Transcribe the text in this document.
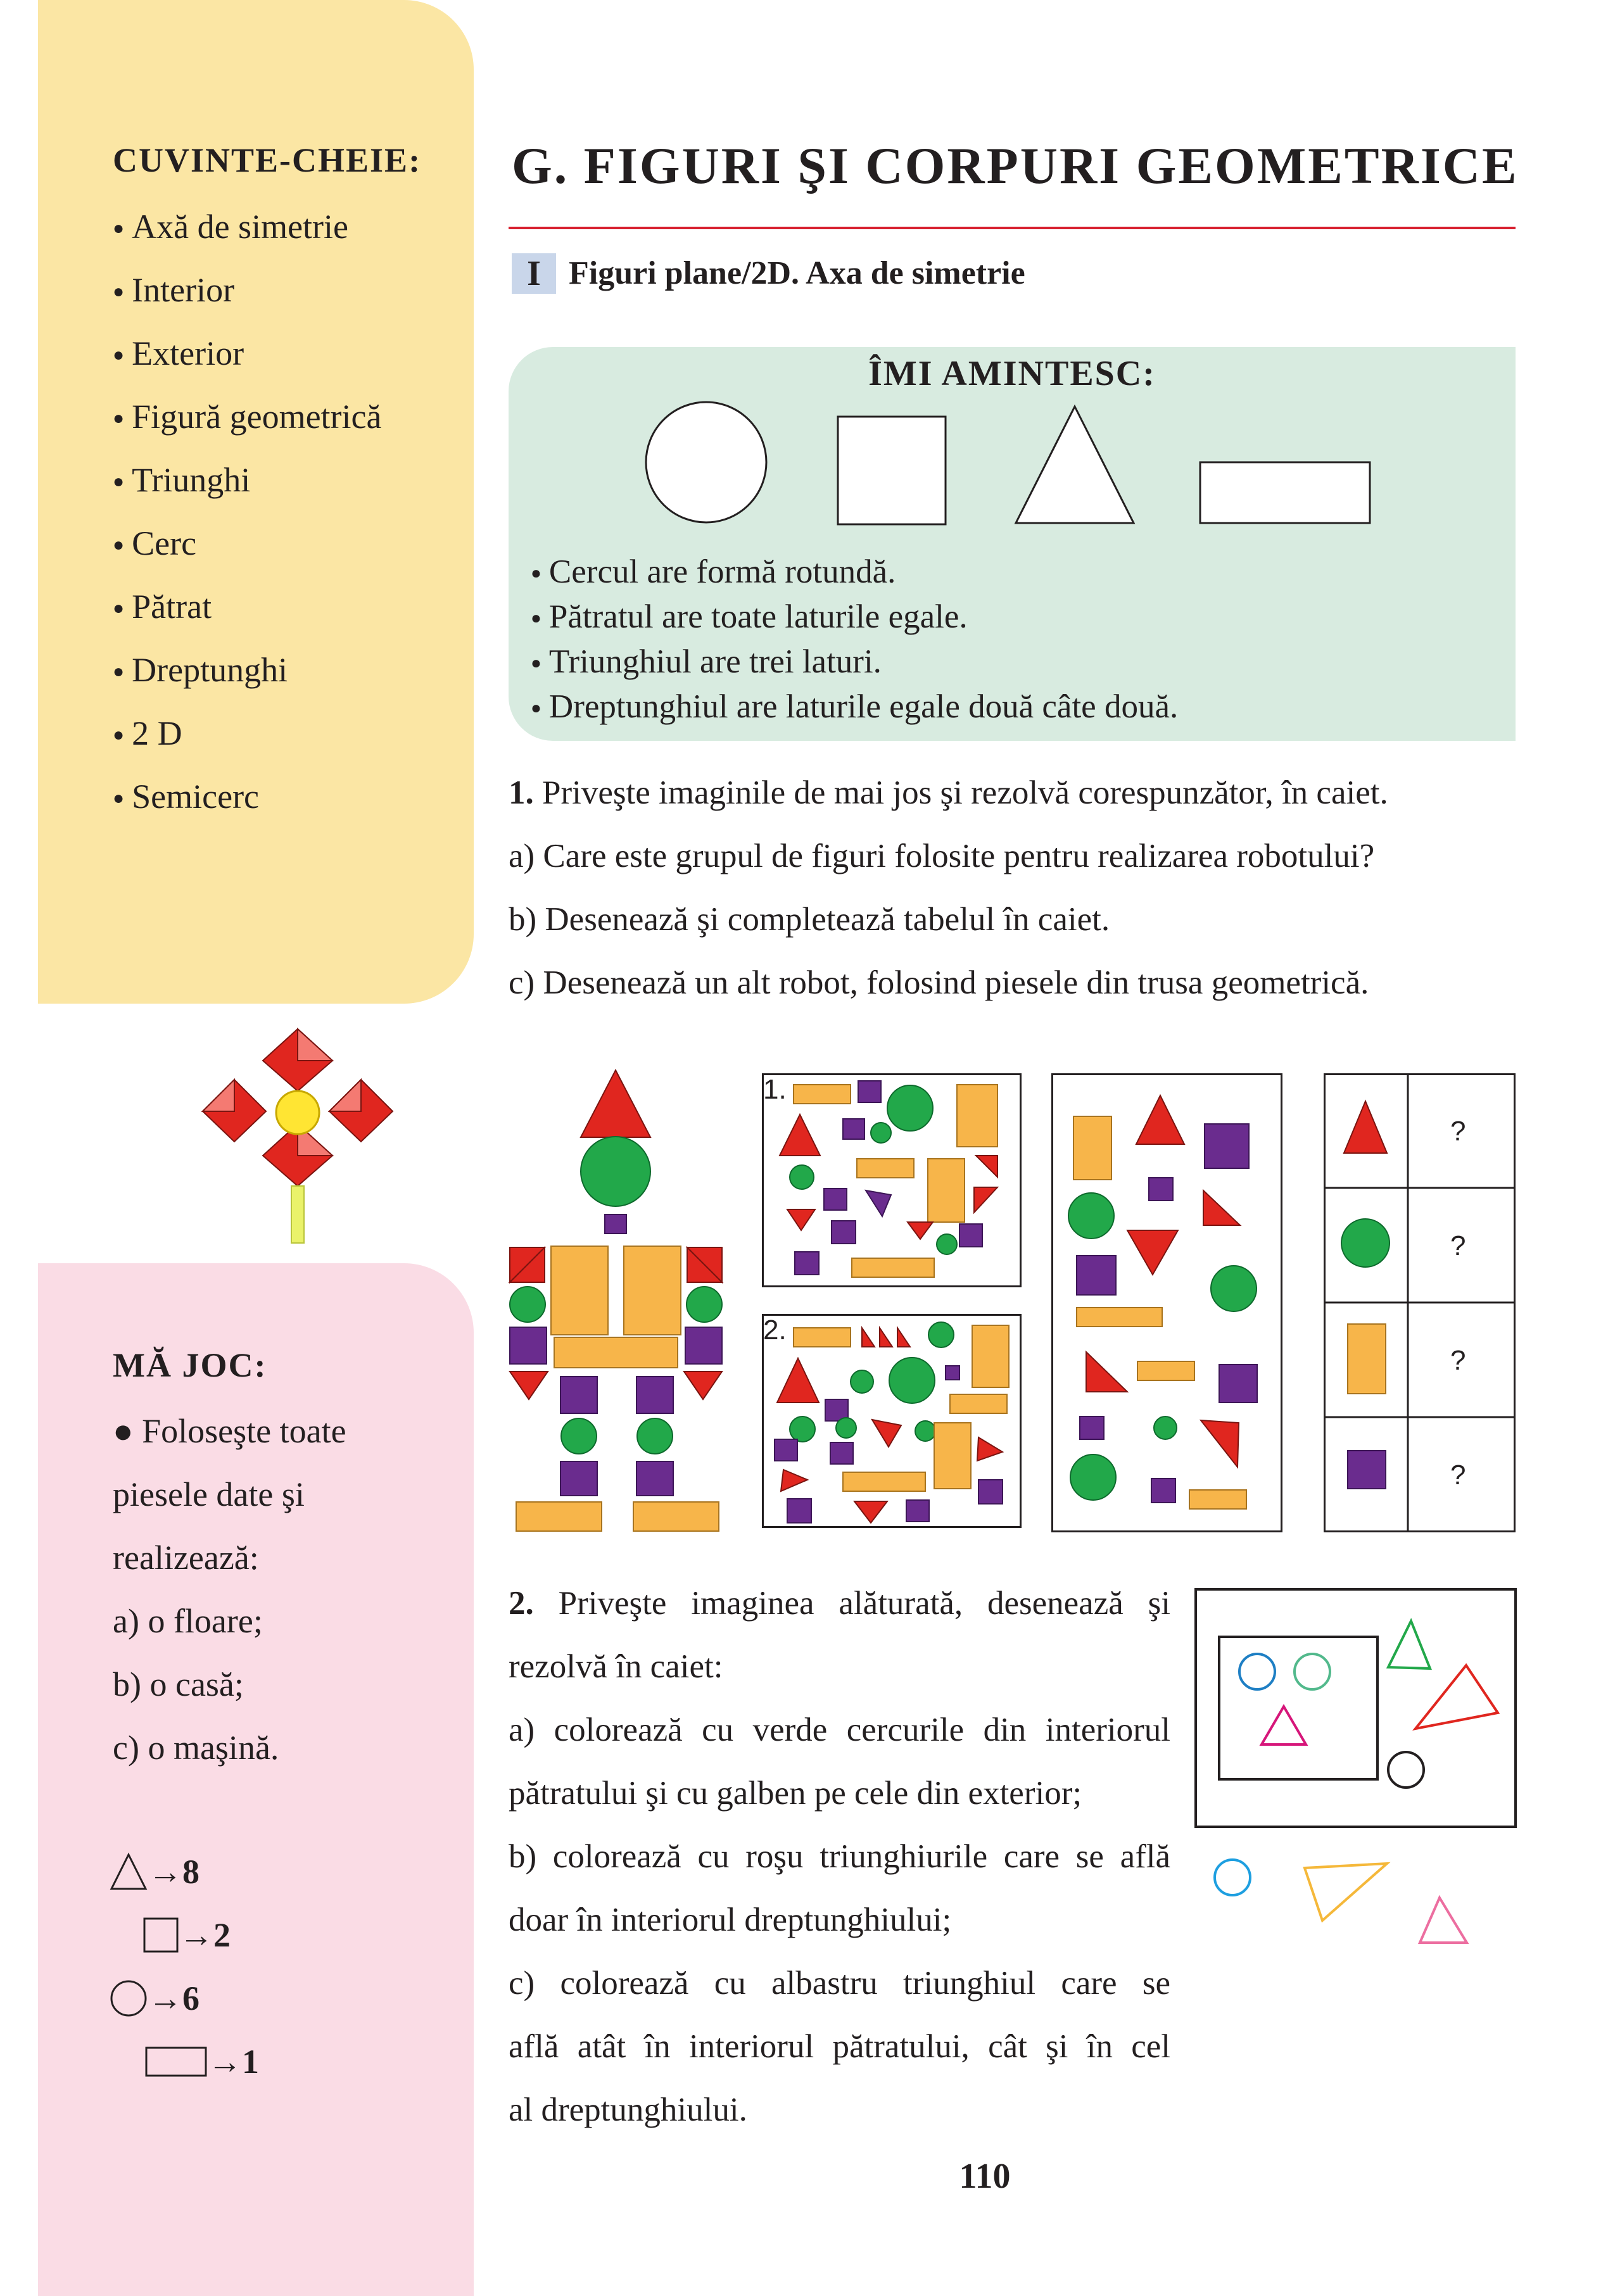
CUVINTE-CHEIE:
● Axă de simetrie
● Interior
● Exterior
● Figură geometrică
● Triunghi
● Cerc
● Pătrat
● Dreptunghi
● 2 D
● Semicerc
MĂ JOC:
● Foloseşte toate
piesele date şi
realizează:
a) o floare;
b) o casă;
c) o maşină.
→8
→2
→6
→1
G. FIGURI ŞI CORPURI GEOMETRICE
I Figuri plane/2D. Axa de simetrie
ÎMI AMINTESC:
● Cercul are formă rotundă.
● Pătratul are toate laturile egale.
● Triunghiul are trei laturi.
● Dreptunghiul are laturile egale două câte două.
1. Priveşte imaginile de mai jos şi rezolvă corespunzător, în caiet.
a) Care este grupul de figuri folosite pentru realizarea robotului?
b) Desenează şi completează tabelul în caiet.
c) Desenează un alt robot, folosind piesele din trusa geometrică.
1.
2.
?
?
?
?
2. Priveşte imaginea alăturată, desenează şi
rezolvă în caiet:
a) colorează cu verde cercurile din interiorul
pătratului şi cu galben pe cele din exterior;
b) colorează cu roşu triunghiurile care se află
doar în interiorul dreptunghiului;
c) colorează cu albastru triunghiul care se
află atât în interiorul pătratului, cât şi în cel
al dreptunghiului.
110
